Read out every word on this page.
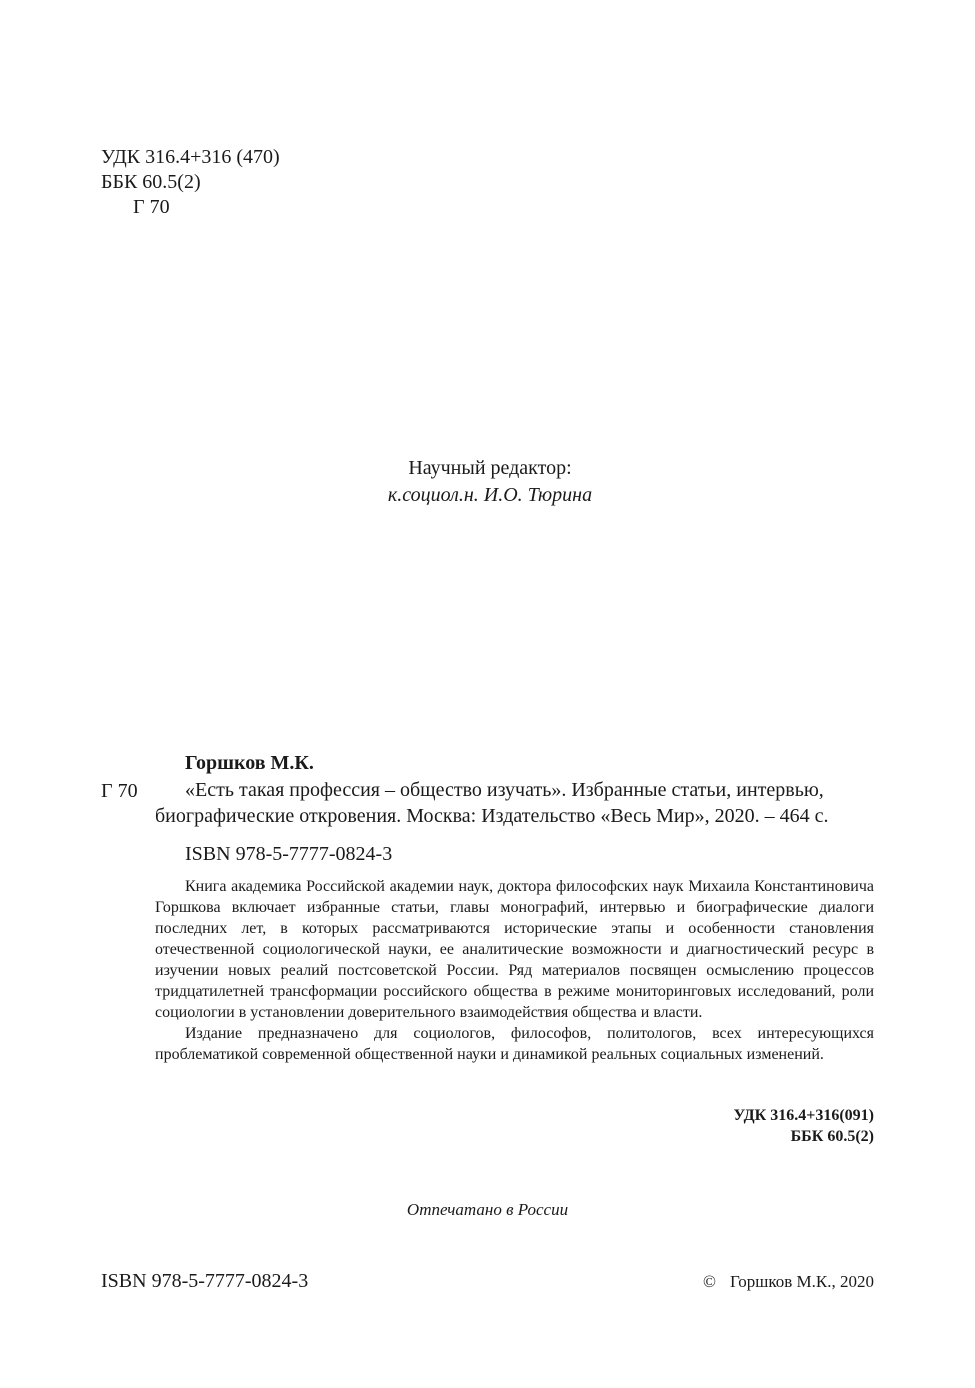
УДК 316.4+316 (470)
ББК 60.5(2)
Г 70
Научный редактор:
к.социол.н. И.О. Тюрина
Горшков М.К.
Г 70	«Есть такая профессия – общество изучать». Избранные статьи, интервью,
биографические откровения. Москва: Издательство «Весь Мир», 2020. – 464 с.
ISBN 978-5-7777-0824-3

Книга академика Российской академии наук, доктора философских наук Михаила Константиновича Горшкова включает избранные статьи, главы монографий, интервью и биографические диалоги последних лет, в которых рассматриваются исторические этапы и особенности становления отечественной социологической науки, ее аналитические возможности и диагностический ресурс в изучении новых реалий постсоветской России. Ряд материалов посвящен осмыслению процессов тридцатилетней трансформации российского общества в режиме мониторинговых исследований, роли социологии в установлении доверительного взаимодействия общества и власти.

Издание предназначено для социологов, философов, политологов, всех интересующихся проблематикой современной общественной науки и динамикой реальных социальных изменений.

УДК 316.4+316(091)
ББК 60.5(2)
Отпечатано в России
ISBN 978-5-7777-0824-3	© Горшков М.К., 2020
